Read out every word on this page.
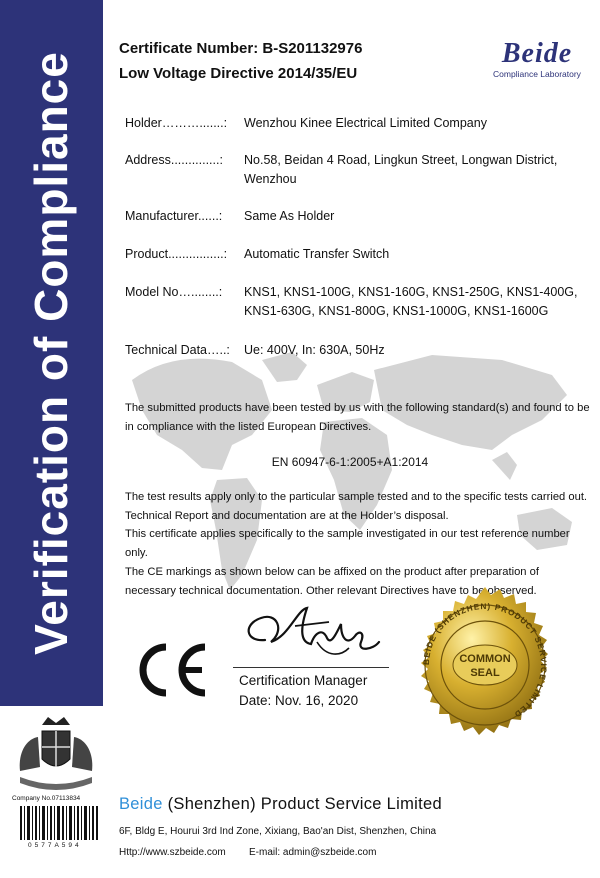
Verification of Compliance
Certificate Number: B-S201132976
Low Voltage Directive 2014/35/EU
Beide
Compliance Laboratory
Holder……….......: Wenzhou Kinee Electrical Limited Company
Address..............: No.58, Beidan 4 Road, Lingkun Street, Longwan District, Wenzhou
Manufacturer......: Same As Holder
Product................: Automatic Transfer Switch
Model No…........: KNS1, KNS1-100G, KNS1-160G, KNS1-250G, KNS1-400G, KNS1-630G, KNS1-800G, KNS1-1000G, KNS1-1600G
Technical Data…..: Ue: 400V, In: 630A, 50Hz
The submitted products have been tested by us with the following standard(s) and found to be in compliance with the listed European Directives.
EN 60947-6-1:2005+A1:2014
The test results apply only to the particular sample tested and to the specific tests carried out.
Technical Report and documentation are at the Holder’s disposal.
This certificate applies specifically to the sample investigated in our test reference number only.
The CE markings as shown below can be affixed on the product after preparation of necessary technical documentation. Other relevant Directives have to be observed.
Certification Manager
Date: Nov. 16, 2020
BEIDE (SHENZHEN) PRODUCT SERVICE LIMITED
COMMON
SEAL
Company No.07113834
0577A594
Beide (Shenzhen) Product Service Limited
6F, Bldg E, Hourui 3rd Ind Zone, Xixiang, Bao'an Dist, Shenzhen, China
Http://www.szbeide.com E-mail: admin@szbeide.com
